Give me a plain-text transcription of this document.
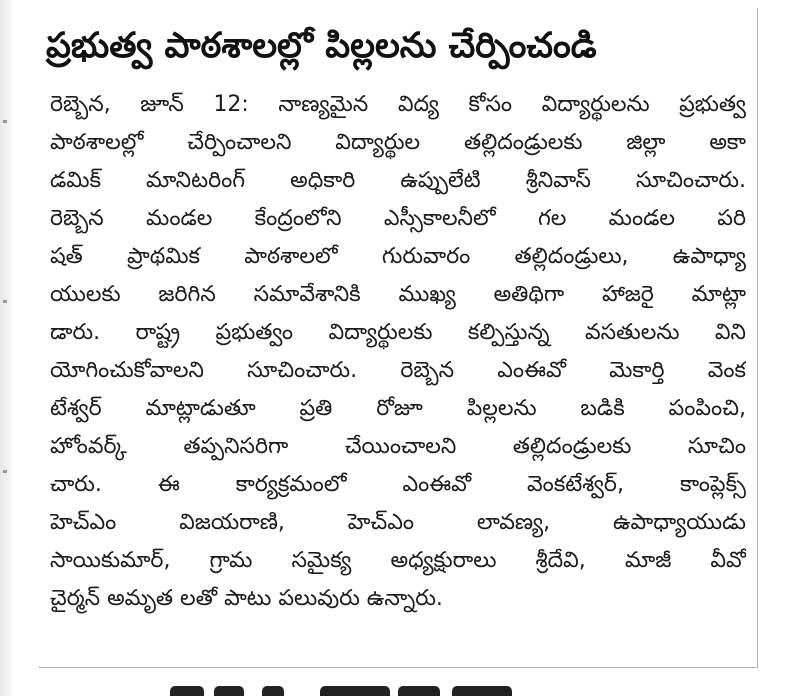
ప్రభుత్వ పాఠశాలల్లో పిల్లలను చేర్పించండి
రెబ్బెన, జూన్ 12: నాణ్యమైన విద్య కోసం విద్యార్థులను ప్రభుత్వ
పాఠశాలల్లో చేర్పించాలని విద్యార్థుల తల్లిదండ్రులకు జిల్లా అకా
డమిక్ మానిటరింగ్ అధికారి ఉప్పులేటి శ్రీనివాస్ సూచించారు.
రెబ్బెన మండల కేంద్రంలోని ఎస్సీకాలనీలో గల మండల పరి
షత్ ప్రాథమిక పాఠశాలలో గురువారం తల్లిదండ్రులు, ఉపాధ్యా
యులకు జరిగిన సమావేశానికి ముఖ్య అతిథిగా హాజరై మాట్లా
డారు. రాష్ట్ర ప్రభుత్వం విద్యార్థులకు కల్పిస్తున్న వసతులను విని
యోగించుకోవాలని సూచించారు. రెబ్బెన ఎంఈవో మెకార్తి వెంక
టేశ్వర్ మాట్లాడుతూ ప్రతి రోజూ పిల్లలను బడికి పంపించి,
హోంవర్క్ తప్పనిసరిగా చేయించాలని తల్లిదండ్రులకు సూచిం
చారు. ఈ కార్యక్రమంలో ఎంఈవో వెంకటేశ్వర్, కాంప్లెక్స్
హెచ్ఎం విజయరాణి, హెచ్ఎం లావణ్య, ఉపాధ్యాయుడు
సాయికుమార్, గ్రామ సమైక్య అధ్యక్షురాలు శ్రీదేవి, మాజీ వీవో
చైర్మన్ అమృత లతో పాటు పలువురు ఉన్నారు.
